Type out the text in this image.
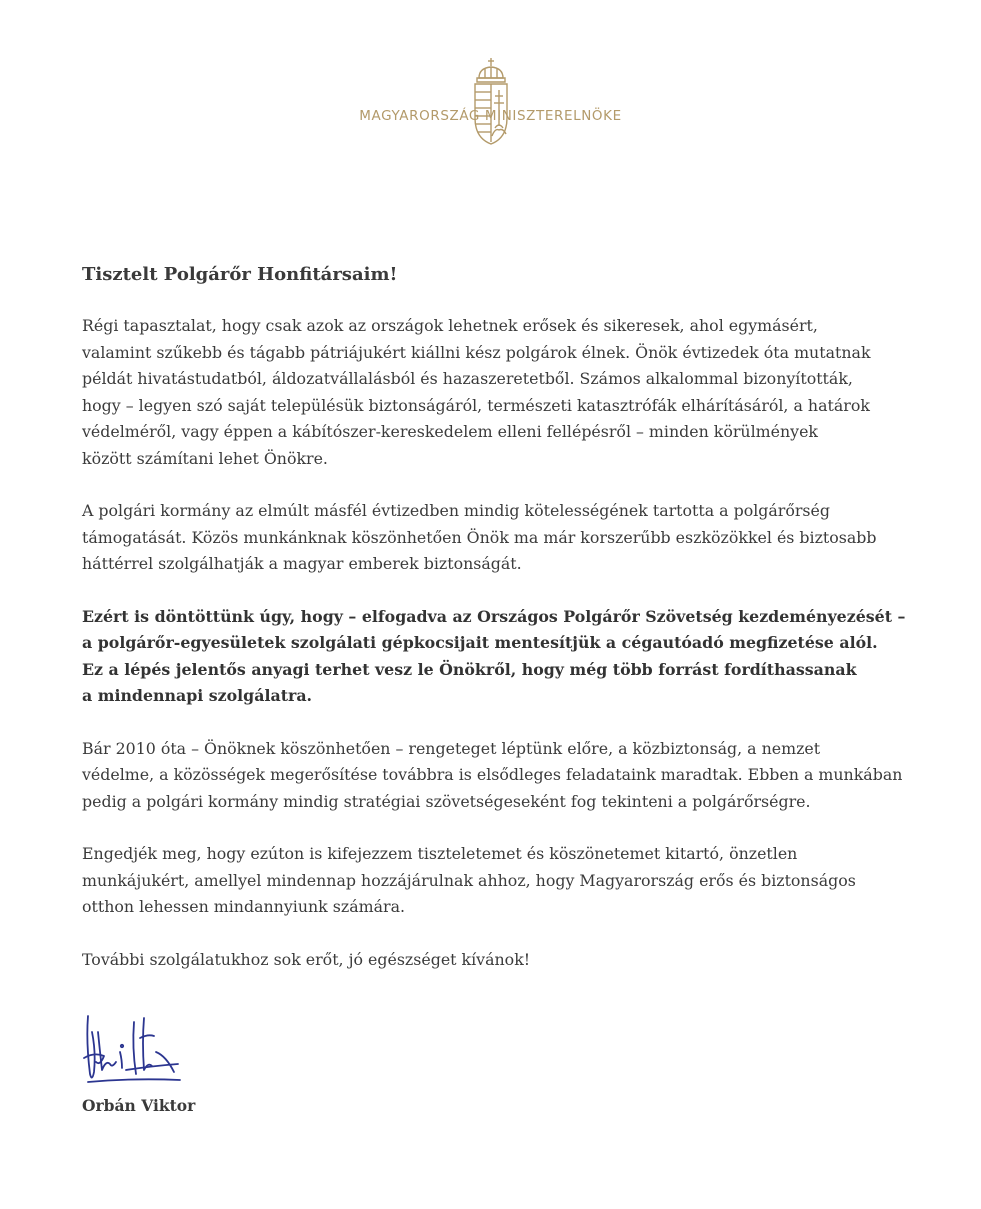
MAGYARORSZÁG MINISZTERELNÖKE

Tisztelt Polgárőr Honfitársaim!

Régi tapasztalat, hogy csak azok az országok lehetnek erősek és sikeresek, ahol egymásért,
valamint szűkebb és tágabb pátriájukért kiállni kész polgárok élnek. Önök évtizedek óta mutatnak
példát hivatástudatból, áldozatvállalásból és hazaszeretetből. Számos alkalommal bizonyították,
hogy – legyen szó saját településük biztonságáról, természeti katasztrófák elhárításáról, a határok
védelméről, vagy éppen a kábítószer-kereskedelem elleni fellépésről – minden körülmények
között számítani lehet Önökre.

A polgári kormány az elmúlt másfél évtizedben mindig kötelességének tartotta a polgárőrség
támogatását. Közös munkánknak köszönhetően Önök ma már korszerűbb eszközökkel és biztosabb
háttérrel szolgálhatják a magyar emberek biztonságát.

Ezért is döntöttünk úgy, hogy – elfogadva az Országos Polgárőr Szövetség kezdeményezését –
a polgárőr-egyesületek szolgálati gépkocsijait mentesítjük a cégautóadó megfizetése alól.
Ez a lépés jelentős anyagi terhet vesz le Önökről, hogy még több forrást fordíthassanak
a mindennapi szolgálatra.

Bár 2010 óta – Önöknek köszönhetően – rengeteget léptünk előre, a közbiztonság, a nemzet
védelme, a közösségek megerősítése továbbra is elsődleges feladataink maradtak. Ebben a munkában
pedig a polgári kormány mindig stratégiai szövetségeseként fog tekinteni a polgárőrségre.

Engedjék meg, hogy ezúton is kifejezzem tiszteletemet és köszönetemet kitartó, önzetlen
munkájukért, amellyel mindennap hozzájárulnak ahhoz, hogy Magyarország erős és biztonságos
otthon lehessen mindannyiunk számára.

További szolgálatukhoz sok erőt, jó egészséget kívánok!

Orbán Viktor
